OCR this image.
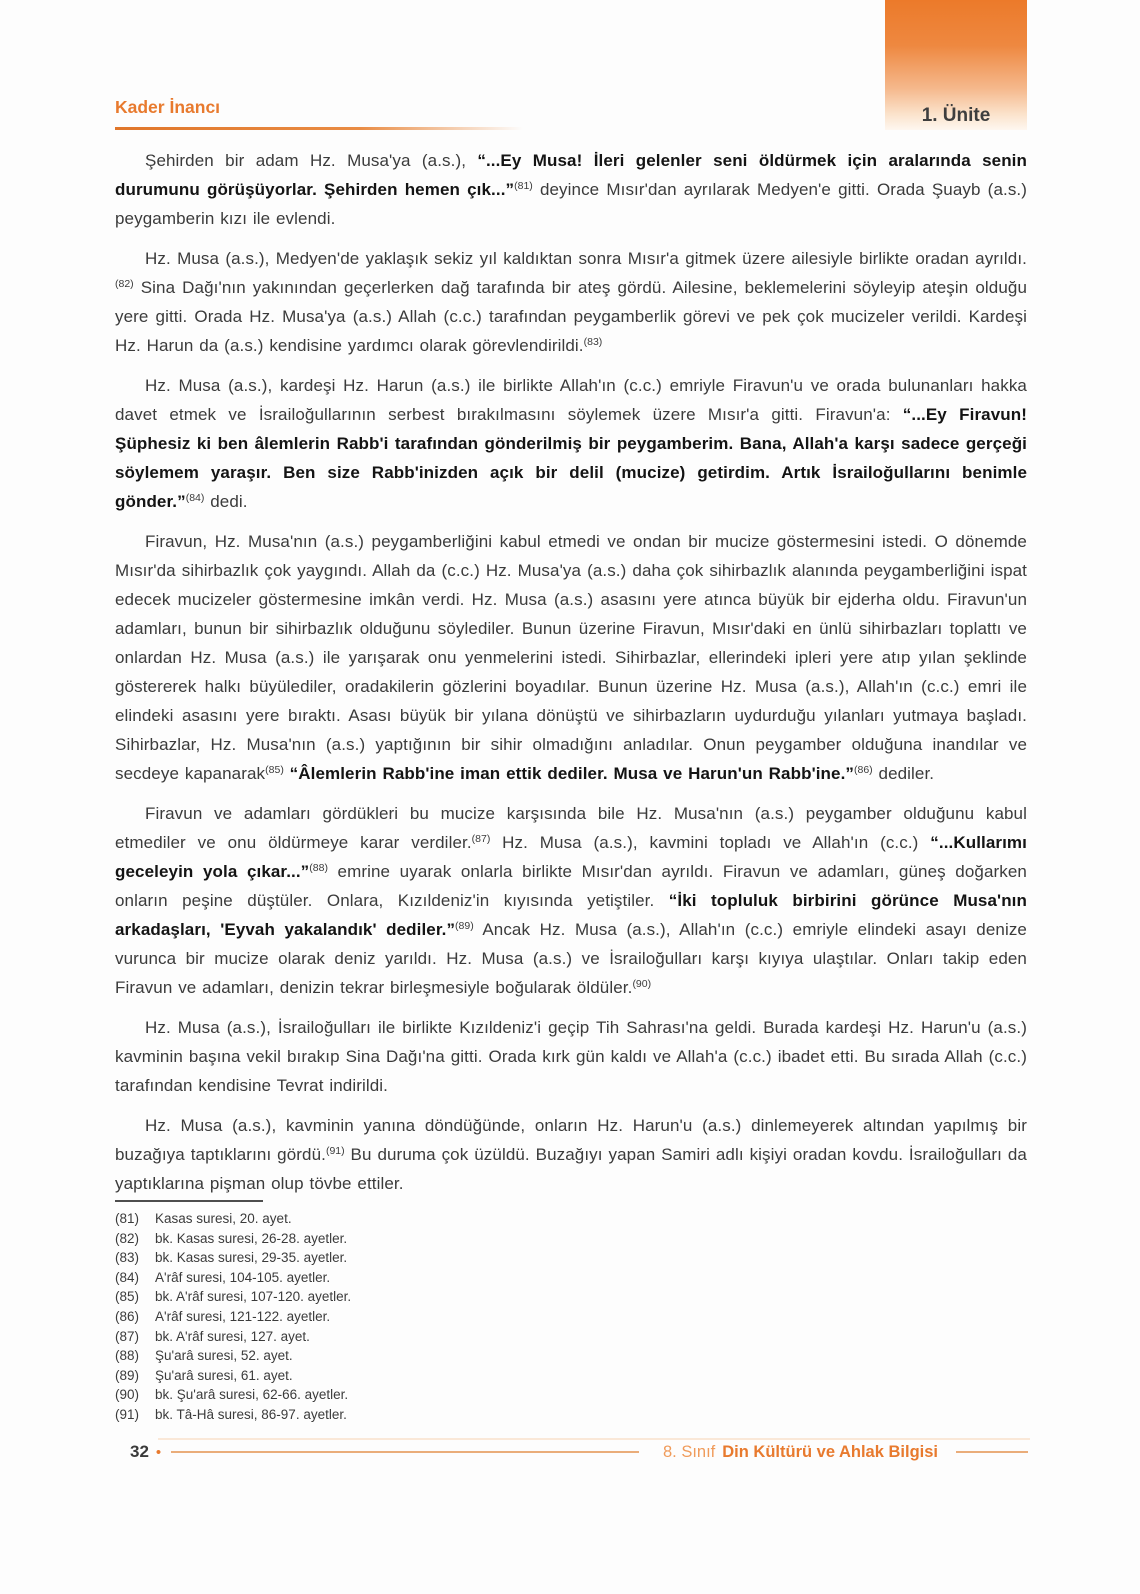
1. Ünite
Kader İnancı

Şehirden bir adam Hz. Musa'ya (a.s.), “...Ey Musa! İleri gelenler seni öldürmek için aralarında senin durumunu görüşüyorlar. Şehirden hemen çık...”$^{(81)}$ deyince Mısır'dan ayrılarak Medyen'e gitti. Orada Şuayb (a.s.) peygamberin kızı ile evlendi.

Hz. Musa (a.s.), Medyen'de yaklaşık sekiz yıl kaldıktan sonra Mısır'a gitmek üzere ailesiyle birlikte oradan ayrıldı.$^{(82)}$ Sina Dağı'nın yakınından geçerlerken dağ tarafında bir ateş gördü. Ailesine, beklemelerini söyleyip ateşin olduğu yere gitti. Orada Hz. Musa'ya (a.s.) Allah (c.c.) tarafından peygamberlik görevi ve pek çok mucizeler verildi. Kardeşi Hz. Harun da (a.s.) kendisine yardımcı olarak görevlendirildi.$^{(83)}$

Hz. Musa (a.s.), kardeşi Hz. Harun (a.s.) ile birlikte Allah'ın (c.c.) emriyle Firavun'u ve orada bulunanları hakka davet etmek ve İsrailoğullarının serbest bırakılmasını söylemek üzere Mısır'a gitti. Firavun'a: “...Ey Firavun! Şüphesiz ki ben âlemlerin Rabb'i tarafından gönderilmiş bir peygamberim. Bana, Allah'a karşı sadece gerçeği söylemem yaraşır. Ben size Rabb'inizden açık bir delil (mucize) getirdim. Artık İsrailoğullarını benimle gönder.”$^{(84)}$ dedi.

Firavun, Hz. Musa'nın (a.s.) peygamberliğini kabul etmedi ve ondan bir mucize göstermesini istedi. O dönemde Mısır'da sihirbazlık çok yaygındı. Allah da (c.c.) Hz. Musa'ya (a.s.) daha çok sihirbazlık alanında peygamberliğini ispat edecek mucizeler göstermesine imkân verdi. Hz. Musa (a.s.) asasını yere atınca büyük bir ejderha oldu. Firavun'un adamları, bunun bir sihirbazlık olduğunu söylediler. Bunun üzerine Firavun, Mısır'daki en ünlü sihirbazları toplattı ve onlardan Hz. Musa (a.s.) ile yarışarak onu yenmelerini istedi. Sihirbazlar, ellerindeki ipleri yere atıp yılan şeklinde göstererek halkı büyülediler, oradakilerin gözlerini boyadılar. Bunun üzerine Hz. Musa (a.s.), Allah'ın (c.c.) emri ile elindeki asasını yere bıraktı. Asası büyük bir yılana dönüştü ve sihirbazların uydurduğu yılanları yutmaya başladı. Sihirbazlar, Hz. Musa'nın (a.s.) yaptığının bir sihir olmadığını anladılar. Onun peygamber olduğuna inandılar ve secdeye kapanarak$^{(85)}$ “Âlemlerin Rabb'ine iman ettik dediler. Musa ve Harun'un Rabb'ine.”$^{(86)}$ dediler.

Firavun ve adamları gördükleri bu mucize karşısında bile Hz. Musa'nın (a.s.) peygamber olduğunu kabul etmediler ve onu öldürmeye karar verdiler.$^{(87)}$ Hz. Musa (a.s.), kavmini topladı ve Allah'ın (c.c.) “...Kullarımı geceleyin yola çıkar...”$^{(88)}$ emrine uyarak onlarla birlikte Mısır'dan ayrıldı. Firavun ve adamları, güneş doğarken onların peşine düştüler. Onlara, Kızıldeniz'in kıyısında yetiştiler. “İki topluluk birbirini görünce Musa'nın arkadaşları, 'Eyvah yakalandık' dediler.”$^{(89)}$ Ancak Hz. Musa (a.s.), Allah'ın (c.c.) emriyle elindeki asayı denize vurunca bir mucize olarak deniz yarıldı. Hz. Musa (a.s.) ve İsrailoğulları karşı kıyıya ulaştılar. Onları takip eden Firavun ve adamları, denizin tekrar birleşmesiyle boğularak öldüler.$^{(90)}$

Hz. Musa (a.s.), İsrailoğulları ile birlikte Kızıldeniz'i geçip Tih Sahrası'na geldi. Burada kardeşi Hz. Harun'u (a.s.) kavminin başına vekil bırakıp Sina Dağı'na gitti. Orada kırk gün kaldı ve Allah'a (c.c.) ibadet etti. Bu sırada Allah (c.c.) tarafından kendisine Tevrat indirildi.

Hz. Musa (a.s.), kavminin yanına döndüğünde, onların Hz. Harun'u (a.s.) dinlemeyerek altından yapılmış bir buzağıya taptıklarını gördü.$^{(91)}$ Bu duruma çok üzüldü. Buzağıyı yapan Samiri adlı kişiyi oradan kovdu. İsrailoğulları da yaptıklarına pişman olup tövbe ettiler.

(81)	Kasas suresi, 20. ayet.
(82)	bk. Kasas suresi, 26-28. ayetler.
(83)	bk. Kasas suresi, 29-35. ayetler.
(84)	A'râf suresi, 104-105. ayetler.
(85)	bk. A'râf suresi, 107-120. ayetler.
(86)	A'râf suresi, 121-122. ayetler.
(87)	bk. A'râf suresi, 127. ayet.
(88)	Şu'arâ suresi, 52. ayet.
(89)	Şu'arâ suresi, 61. ayet.
(90)	bk. Şu'arâ suresi, 62-66. ayetler.
(91)	bk. Tâ-Hâ suresi, 86-97. ayetler.
32 •	8. Sınıf Din Kültürü ve Ahlak Bilgisi
